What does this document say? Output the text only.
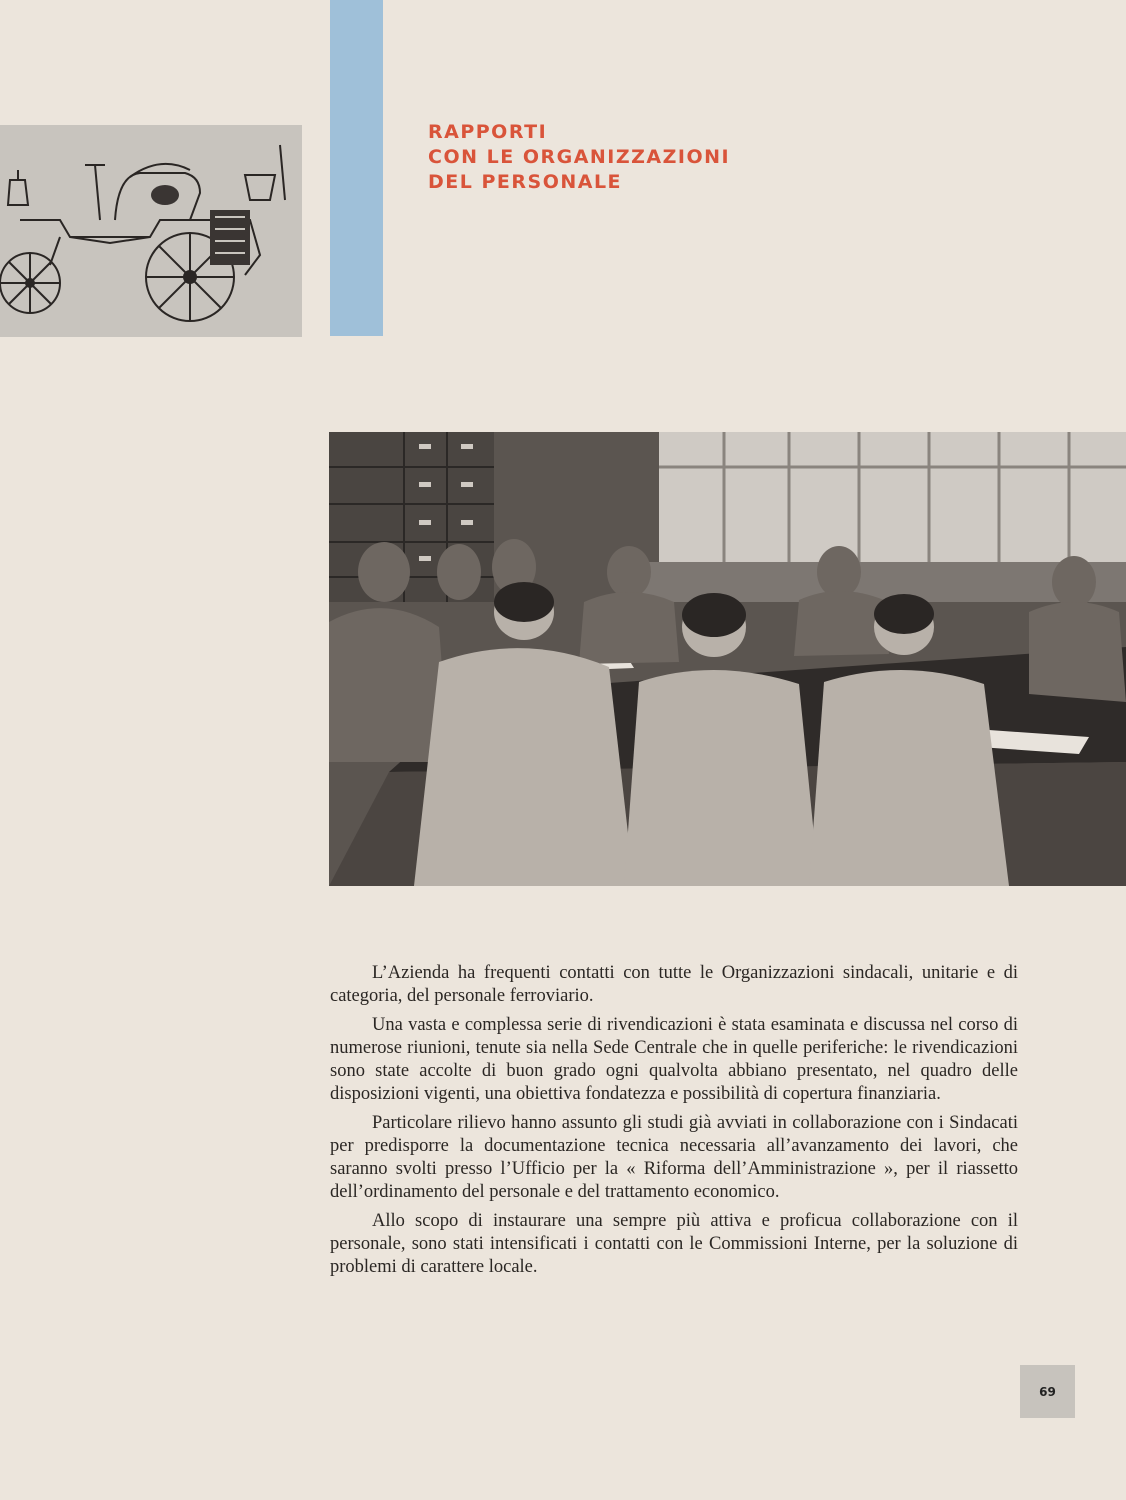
RAPPORTI
CON LE ORGANIZZAZIONI
DEL PERSONALE

L’Azienda ha frequenti contatti con tutte le Organizzazioni sindacali, unitarie e di categoria, del personale ferroviario.

Una vasta e complessa serie di rivendicazioni è stata esaminata e discussa nel corso di numerose riunioni, tenute sia nella Sede Centrale che in quelle periferiche: le rivendicazioni sono state accolte di buon grado ogni qualvolta abbiano presentato, nel quadro delle disposizioni vigenti, una obiettiva fondatezza e possibilità di copertura finanziaria.

Particolare rilievo hanno assunto gli studi già avviati in collaborazione con i Sindacati per predisporre la documentazione tecnica necessaria all’avanzamento dei lavori, che saranno svolti presso l’Ufficio per la « Riforma dell’Amministrazione », per il riassetto dell’ordinamento del personale e del trattamento economico.

Allo scopo di instaurare una sempre più attiva e proficua collaborazione con il personale, sono stati intensificati i contatti con le Commissioni Interne, per la soluzione di problemi di carattere locale.

69
